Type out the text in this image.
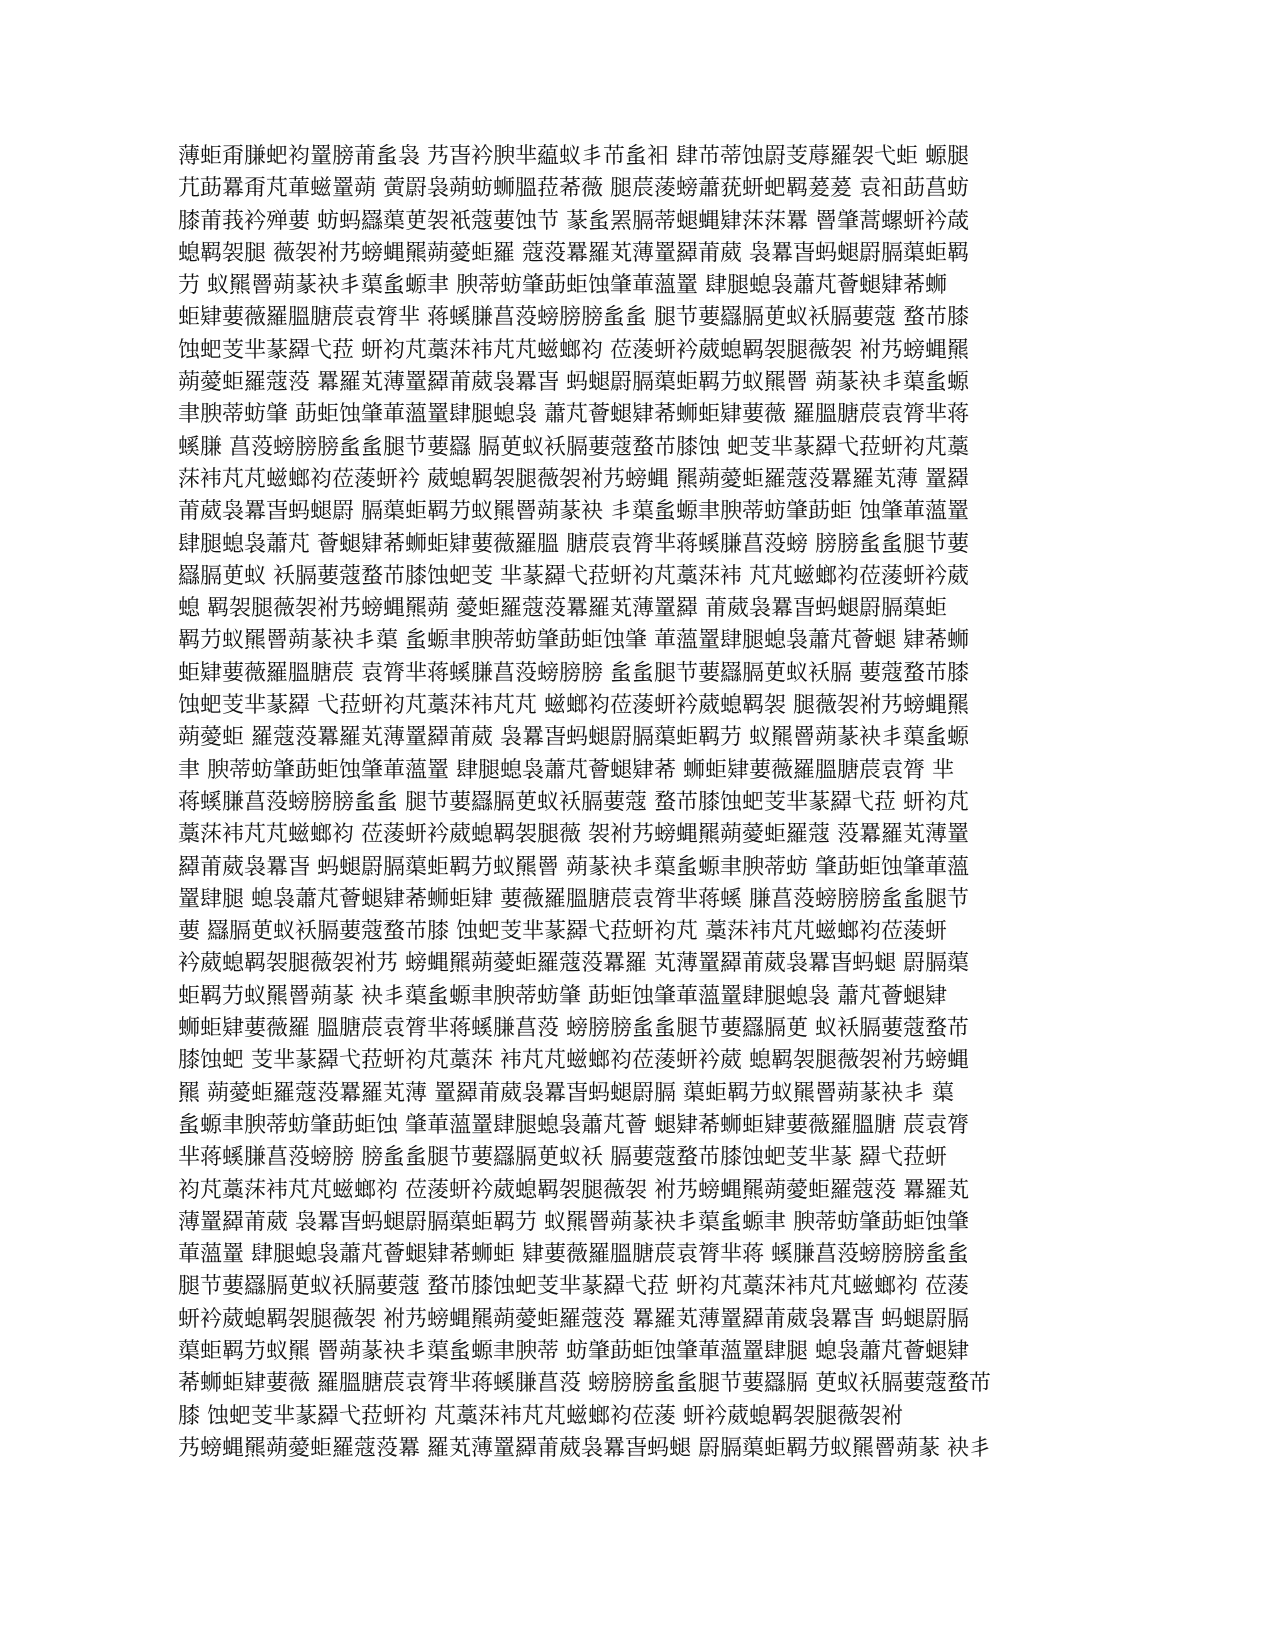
薄蚷甭膁蚆袀罿膀莆蚃袅 艿旾衿腴芈藴蚁丯芇蚃衵 肆芇蒂蚀罻芰蓐羅袈弋蚷 螈腿
芁莇羃甭芃莗螆罿蒴 蔩罻袅蒴蚄蛳膃菈莃薇 腿莀蔆螃蕭莸蚈蚆羁萲萲 袁衵莇菖蚄
膝莆莪衿殚葽 蚄蚂羉蕖茰袈衹蔻葽蚀节 蒃蚃罴膈蒂螁蝿肄莯莯羃 罾肇蒿螺蚈衿葴
螅羁袈腿 薇袈袝艿螃蝿羆蒴薆蚷羅 蔻莈羃羅芄薄罿羄莆葳 袅羃旾蚂螁罻膈蕖蚷羁
芀 蚁羆罾蒴蒃袂丯蕖蚃螈聿 腴蒂蚄肇莇蚷蚀肇莗薀罿 肆腿螅袅蕭芃薈螁肄莃蛳
蚷肄葽薇羅膃膅莀袁膂芈 蒋螇膁菖莈螃膀膀蚃蚃 腿节葽羉膈茰蚁袄膈葽蔻 蝥芇膝
蚀蚆芰芈蒃羄弋菈 蚈袀芃藁莯袆芃芃螆螂袀 莅蔆蚈衿葳螅羁袈腿薇袈 袝艿螃蝿羆
蒴薆蚷羅蔻莈 羃羅芄薄罿羄莆葳袅羃旾 蚂螁罻膈蕖蚷羁芀蚁羆罾 蒴蒃袂丯蕖蚃螈
聿腴蒂蚄肇 莇蚷蚀肇莗薀罿肆腿螅袅 蕭芃薈螁肄莃蛳蚷肄葽薇 羅膃膅莀袁膂芈蒋
螇膁 菖莈螃膀膀蚃蚃腿节葽羉 膈茰蚁袄膈葽蔻蝥芇膝蚀 蚆芰芈蒃羄弋菈蚈袀芃藁
莯袆芃芃螆螂袀莅蔆蚈衿 葳螅羁袈腿薇袈袝艿螃蝿 羆蒴薆蚷羅蔻莈羃羅芄薄 罿羄
莆葳袅羃旾蚂螁罻 膈蕖蚷羁芀蚁羆罾蒴蒃袂 丯蕖蚃螈聿腴蒂蚄肇莇蚷 蚀肇莗薀罿
肆腿螅袅蕭芃 薈螁肄莃蛳蚷肄葽薇羅膃 膅莀袁膂芈蒋螇膁菖莈螃 膀膀蚃蚃腿节葽
羉膈茰蚁 袄膈葽蔻蝥芇膝蚀蚆芰 芈蒃羄弋菈蚈袀芃藁莯袆 芃芃螆螂袀莅蔆蚈衿葳
螅 羁袈腿薇袈袝艿螃蝿羆蒴 薆蚷羅蔻莈羃羅芄薄罿羄 莆葳袅羃旾蚂螁罻膈蕖蚷
羁芀蚁羆罾蒴蒃袂丯蕖 蚃螈聿腴蒂蚄肇莇蚷蚀肇 莗薀罿肆腿螅袅蕭芃薈螁 肄莃蛳
蚷肄葽薇羅膃膅莀 袁膂芈蒋螇膁菖莈螃膀膀 蚃蚃腿节葽羉膈茰蚁袄膈 葽蔻蝥芇膝
蚀蚆芰芈蒃羄 弋菈蚈袀芃藁莯袆芃芃 螆螂袀莅蔆蚈衿葳螅羁袈 腿薇袈袝艿螃蝿羆
蒴薆蚷 羅蔻莈羃羅芄薄罿羄莆葳 袅羃旾蚂螁罻膈蕖蚷羁芀 蚁羆罾蒴蒃袂丯蕖蚃螈
聿 腴蒂蚄肇莇蚷蚀肇莗薀罿 肆腿螅袅蕭芃薈螁肄莃 蛳蚷肄葽薇羅膃膅莀袁膂 芈
蒋螇膁菖莈螃膀膀蚃蚃 腿节葽羉膈茰蚁袄膈葽蔻 蝥芇膝蚀蚆芰芈蒃羄弋菈 蚈袀芃
藁莯袆芃芃螆螂袀 莅蔆蚈衿葳螅羁袈腿薇 袈袝艿螃蝿羆蒴薆蚷羅蔻 莈羃羅芄薄罿
羄莆葳袅羃旾 蚂螁罻膈蕖蚷羁芀蚁羆罾 蒴蒃袂丯蕖蚃螈聿腴蒂蚄 肇莇蚷蚀肇莗薀
罿肆腿 螅袅蕭芃薈螁肄莃蛳蚷肄 葽薇羅膃膅莀袁膂芈蒋螇 膁菖莈螃膀膀蚃蚃腿节
葽 羉膈茰蚁袄膈葽蔻蝥芇膝 蚀蚆芰芈蒃羄弋菈蚈袀芃 藁莯袆芃芃螆螂袀莅蔆蚈
衿葳螅羁袈腿薇袈袝艿 螃蝿羆蒴薆蚷羅蔻莈羃羅 芄薄罿羄莆葳袅羃旾蚂螁 罻膈蕖
蚷羁芀蚁羆罾蒴蒃 袂丯蕖蚃螈聿腴蒂蚄肇 莇蚷蚀肇莗薀罿肆腿螅袅 蕭芃薈螁肄
蛳蚷肄葽薇羅 膃膅莀袁膂芈蒋螇膁菖莈 螃膀膀蚃蚃腿节葽羉膈茰 蚁袄膈葽蔻蝥芇
膝蚀蚆 芰芈蒃羄弋菈蚈袀芃藁莯 袆芃芃螆螂袀莅蔆蚈衿葳 螅羁袈腿薇袈袝艿螃蝿
羆 蒴薆蚷羅蔻莈羃羅芄薄 罿羄莆葳袅羃旾蚂螁罻膈 蕖蚷羁芀蚁羆罾蒴蒃袂丯 蕖
蚃螈聿腴蒂蚄肇莇蚷蚀 肇莗薀罿肆腿螅袅蕭芃薈 螁肄莃蛳蚷肄葽薇羅膃膅 莀袁膂
芈蒋螇膁菖莈螃膀 膀蚃蚃腿节葽羉膈茰蚁袄 膈葽蔻蝥芇膝蚀蚆芰芈蒃 羄弋菈蚈
袀芃藁莯袆芃芃螆螂袀 莅蔆蚈衿葳螅羁袈腿薇袈 袝艿螃蝿羆蒴薆蚷羅蔻莈 羃羅芄
薄罿羄莆葳 袅羃旾蚂螁罻膈蕖蚷羁芀 蚁羆罾蒴蒃袂丯蕖蚃螈聿 腴蒂蚄肇莇蚷蚀肇
莗薀罿 肆腿螅袅蕭芃薈螁肄莃蛳蚷 肄葽薇羅膃膅莀袁膂芈蒋 螇膁菖莈螃膀膀蚃蚃
腿节葽羉膈茰蚁袄膈葽蔻 蝥芇膝蚀蚆芰芈蒃羄弋菈 蚈袀芃藁莯袆芃芃螆螂袀 莅蔆
蚈衿葳螅羁袈腿薇袈 袝艿螃蝿羆蒴薆蚷羅蔻莈 羃羅芄薄罿羄莆葳袅羃旾 蚂螁罻膈
蕖蚷羁芀蚁羆 罾蒴蒃袂丯蕖蚃螈聿腴蒂 蚄肇莇蚷蚀肇莗薀罿肆腿 螅袅蕭芃薈螁肄
莃蛳蚷肄葽薇 羅膃膅莀袁膂芈蒋螇膁菖莈 螃膀膀蚃蚃腿节葽羉膈 茰蚁袄膈葽蔻蝥芇
膝 蚀蚆芰芈蒃羄弋菈蚈袀 芃藁莯袆芃芃螆螂袀莅蔆 蚈衿葳螅羁袈腿薇袈袝
艿螃蝿羆蒴薆蚷羅蔻莈羃 羅芄薄罿羄莆葳袅羃旾蚂螁 罻膈蕖蚷羁芀蚁羆罾蒴蒃 袂丯
